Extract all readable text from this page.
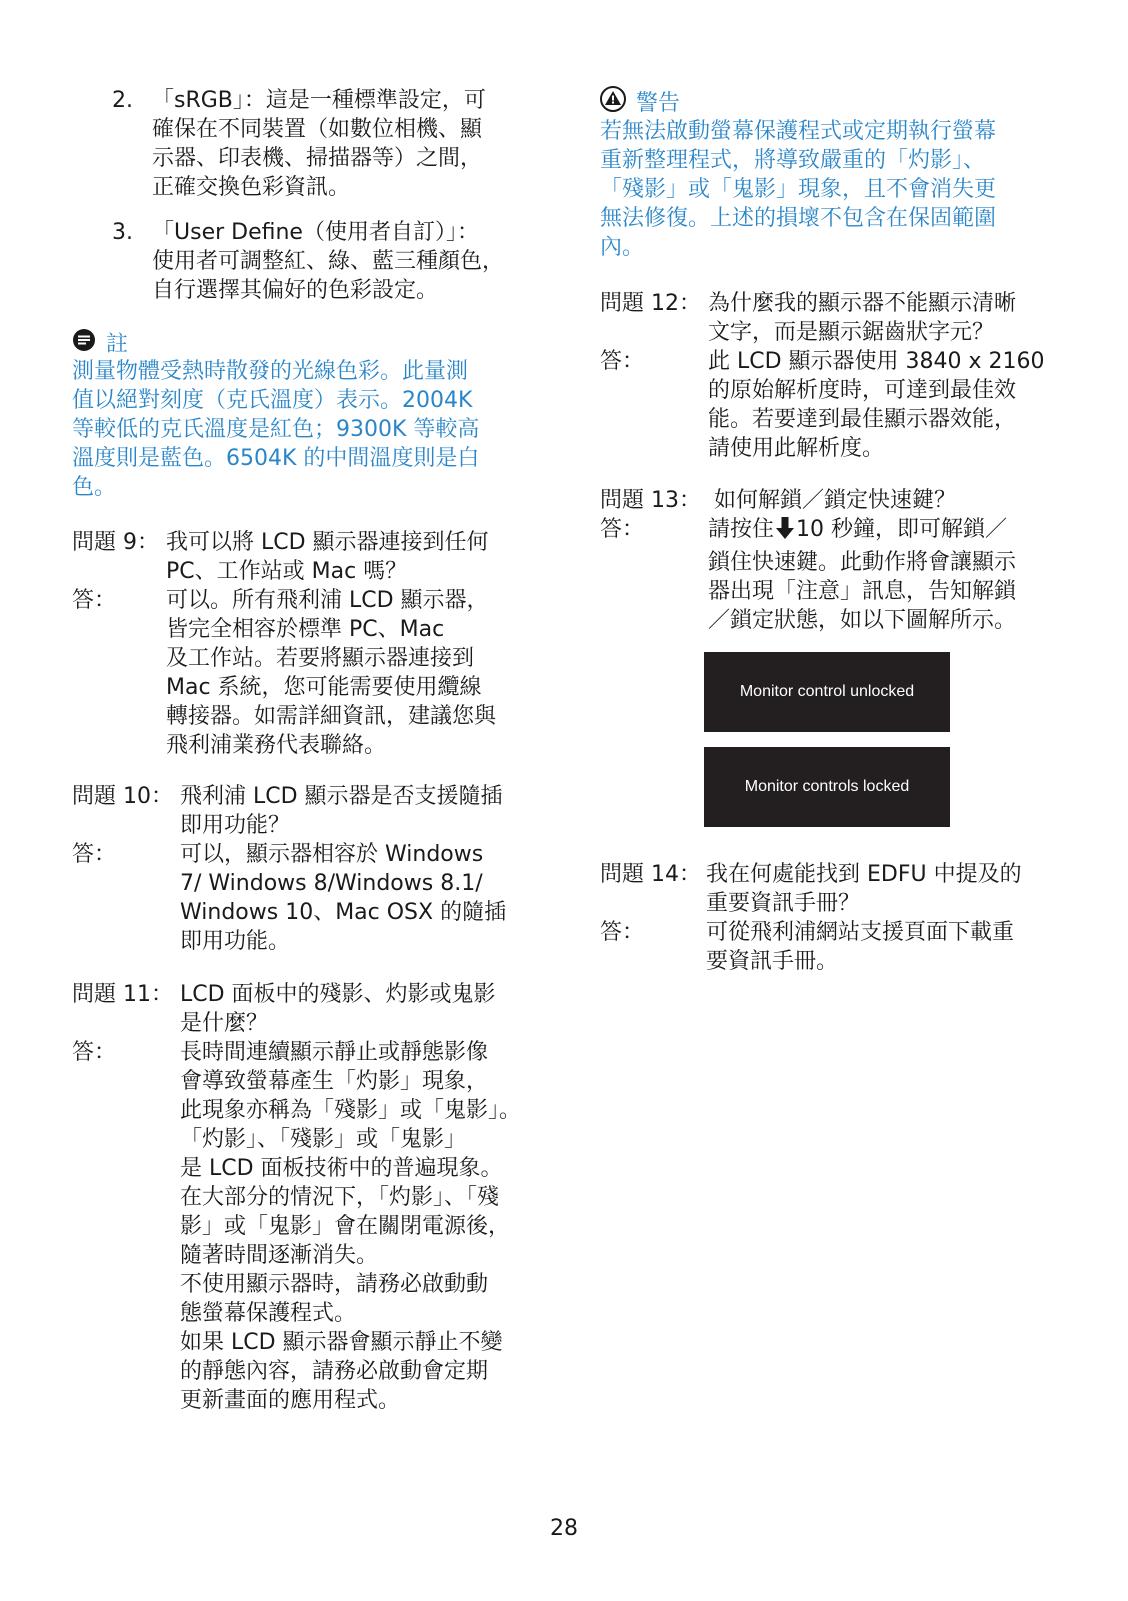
2. 「sRGB」：這是一種標準設定，可
確保在不同裝置（如數位相機、顯
示器、印表機、掃描器等）之間，
正確交換色彩資訊。
3. 「User Define（使用者自訂）」：
使用者可調整紅、綠、藍三種顏色，
自行選擇其偏好的色彩設定。
註
測量物體受熱時散發的光線色彩。此量測
值以絕對刻度（克氏溫度）表示。2004K
等較低的克氏溫度是紅色；9300K 等較高
溫度則是藍色。6504K 的中間溫度則是白
色。
問題 9： 我可以將 LCD 顯示器連接到任何
PC、工作站或 Mac 嗎？
答： 可以。所有飛利浦 LCD 顯示器，
皆完全相容於標準 PC、Mac
及工作站。若要將顯示器連接到
Mac 系統，您可能需要使用纜線
轉接器。如需詳細資訊，建議您與
飛利浦業務代表聯絡。
問題 10： 飛利浦 LCD 顯示器是否支援隨插
即用功能？
答：	可以，顯示器相容於 Windows
7/ Windows 8/Windows 8.1/
Windows 10、Mac OSX 的隨插
即用功能。
問題 11： LCD 面板中的殘影、灼影或鬼影
是什麼？
答：	長時間連續顯示靜止或靜態影像
會導致螢幕產生「灼影」現象，
此現象亦稱為「殘影」或「鬼影」。
「灼影」、「殘影」或「鬼影」
是 LCD 面板技術中的普遍現象。
在大部分的情況下，「灼影」、「殘
影」或「鬼影」會在關閉電源後，
隨著時間逐漸消失。
不使用顯示器時，請務必啟動動
態螢幕保護程式。
如果 LCD 顯示器會顯示靜止不變
的靜態內容，請務必啟動會定期
更新畫面的應用程式。
警告
若無法啟動螢幕保護程式或定期執行螢幕
重新整理程式，將導致嚴重的「灼影」、
「殘影」或「鬼影」現象，且不會消失更
無法修復。上述的損壞不包含在保固範圍
內。
問題 12： 為什麼我的顯示器不能顯示清晰
文字，而是顯示鋸齒狀字元？
答：	此 LCD 顯示器使用 3840 x 2160
的原始解析度時，可達到最佳效
能。若要達到最佳顯示器效能，
請使用此解析度。
問題 13： 如何解鎖／鎖定快速鍵？
答：	請按住 10 秒鐘，即可解鎖／
鎖住快速鍵。此動作將會讓顯示
器出現「注意」訊息，告知解鎖
／鎖定狀態，如以下圖解所示。
Monitor control unlocked
Monitor controls locked
問題 14： 我在何處能找到 EDFU 中提及的
重要資訊手冊？
答：	可從飛利浦網站支援頁面下載重
要資訊手冊。
28
